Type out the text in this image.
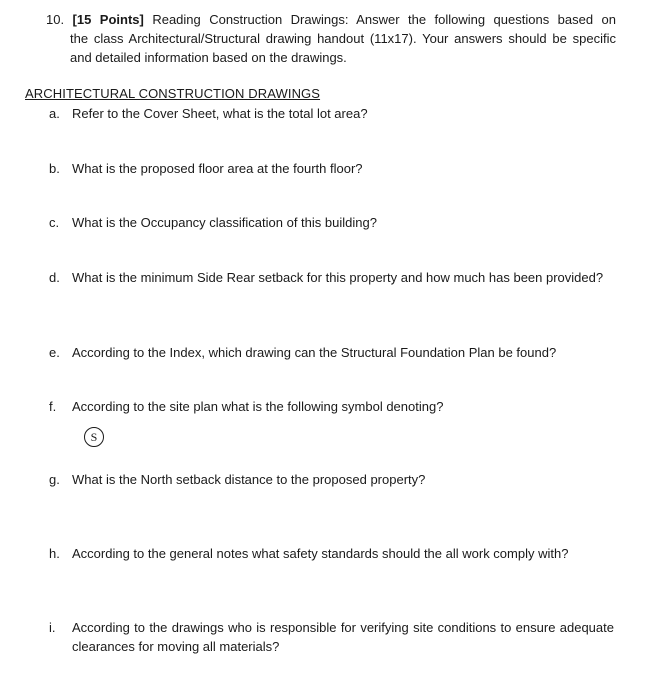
10. [15 Points] Reading Construction Drawings: Answer the following questions based on
the class Architectural/Structural drawing handout (11x17). Your answers should be specific and detailed information based on the drawings.
ARCHITECTURAL CONSTRUCTION DRAWINGS
a. Refer to the Cover Sheet, what is the total lot area?
b. What is the proposed floor area at the fourth floor?
c. What is the Occupancy classification of this building?
d. What is the minimum Side Rear setback for this property and how much has been provided?
e. According to the Index, which drawing can the Structural Foundation Plan be found?
f. According to the site plan what is the following symbol denoting?
S
g. What is the North setback distance to the proposed property?
h. According to the general notes what safety standards should the all work comply with?
i. According to the drawings who is responsible for verifying site conditions to ensure adequate clearances for moving all materials?
